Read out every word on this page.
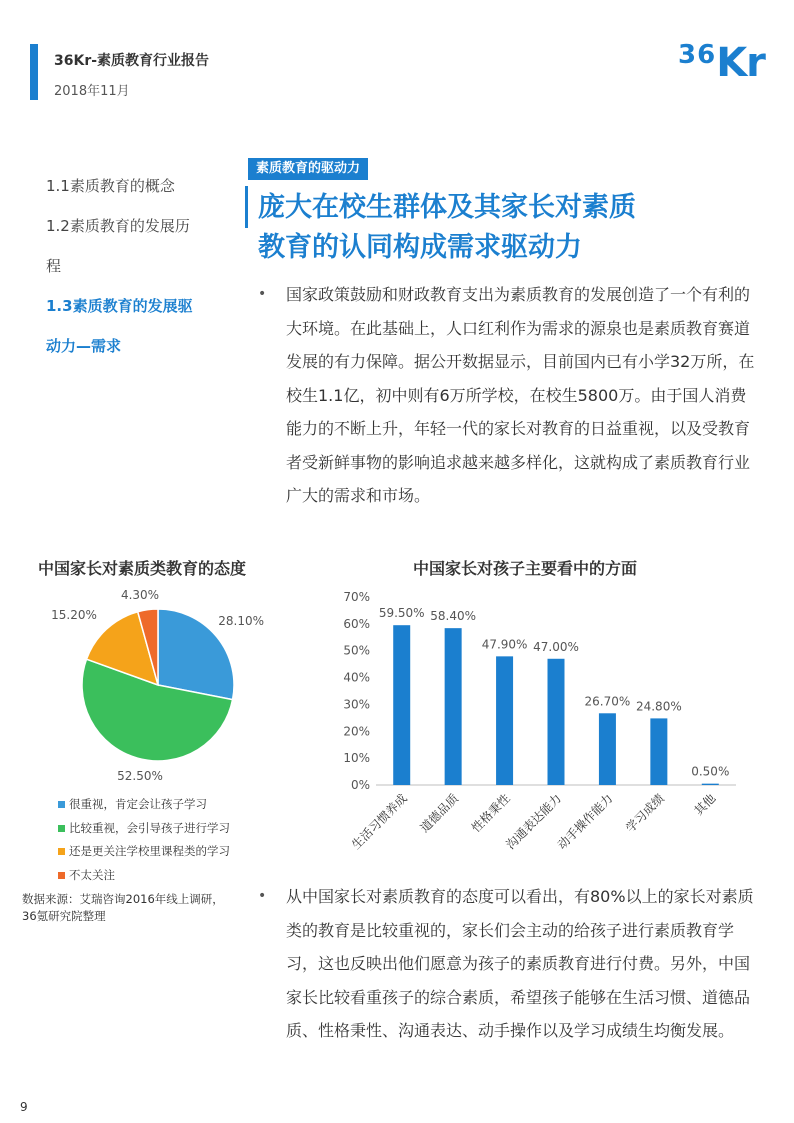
36Kr-素质教育行业报告
2018年11月
36Kr
1.1素质教育的概念
1.2素质教育的发展历
程
1.3素质教育的发展驱
动力—需求
素质教育的驱动力
庞大在校生群体及其家长对素质
教育的认同构成需求驱动力
• 国家政策鼓励和财政教育支出为素质教育的发展创造了一个有利的大环境。在此基础上，人口红利作为需求的源泉也是素质教育赛道发展的有力保障。据公开数据显示，目前国内已有小学32万所，在校生1.1亿，初中则有6万所学校，在校生5800万。由于国人消费能力的不断上升，年轻一代的家长对教育的日益重视，以及受教育者受新鲜事物的影响追求越来越多样化，这就构成了素质教育行业广大的需求和市场。
中国家长对素质类教育的态度	中国家长对孩子主要看中的方面
28.10%
52.50%
15.20%
4.30%
很重视，肯定会让孩子学习
比较重视，会引导孩子进行学习
还是更关注学校里课程类的学习
不太关注
0%
10%
20%
30%
40%
50%
60%
70%
59.50%
生活习惯养成
58.40%
道德品质
47.90%
性格秉性
47.00%
沟通表达能力
26.70%
动手操作能力
24.80%
学习成绩
0.50%
其他
数据来源：艾瑞咨询2016年线上调研，
36氪研究院整理
• 从中国家长对素质教育的态度可以看出，有80%以上的家长对素质类的教育是比较重视的，家长们会主动的给孩子进行素质教育学习，这也反映出他们愿意为孩子的素质教育进行付费。另外，中国家长比较看重孩子的综合素质，希望孩子能够在生活习惯、道德品质、性格秉性、沟通表达、动手操作以及学习成绩生均衡发展。
9
